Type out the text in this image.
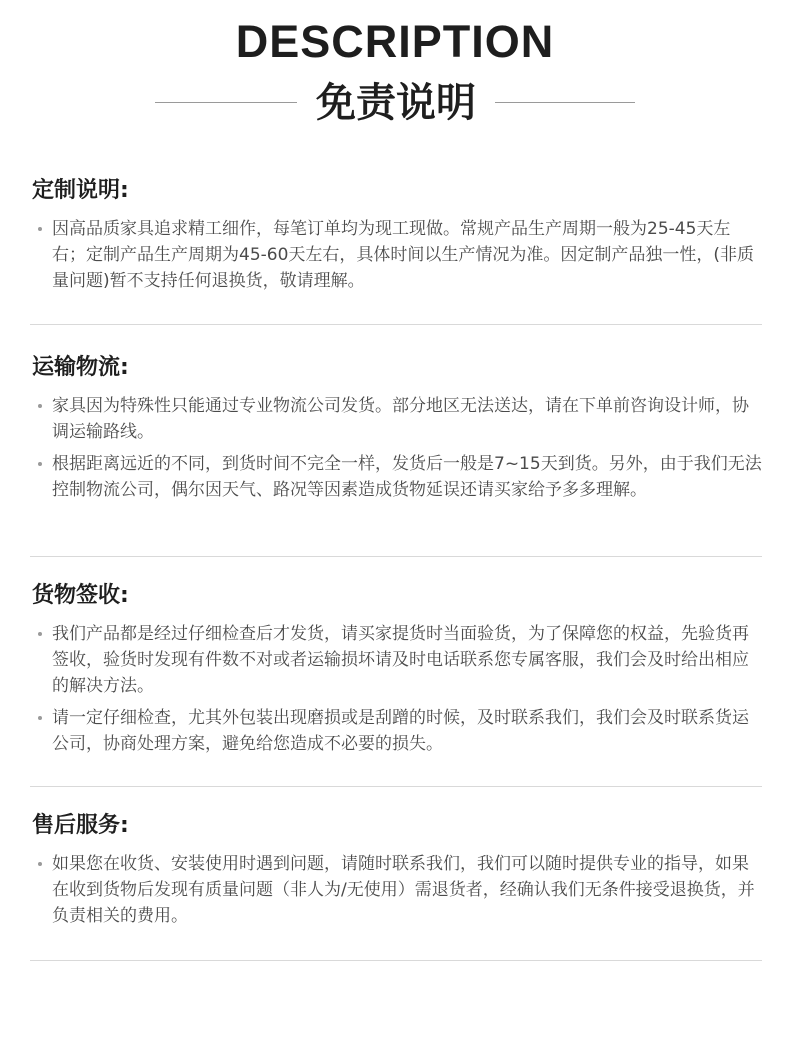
DESCRIPTION
免责说明
定制说明:
因高品质家具追求精工细作，每笔订单均为现工现做。常规产品生产周期一般为25-45天左右；定制产品生产周期为45-60天左右，具体时间以生产情况为准。因定制产品独一性，(非质量问题)暂不支持任何退换货，敬请理解。
运输物流:
家具因为特殊性只能通过专业物流公司发货。部分地区无法送达，请在下单前咨询设计师，协调运输路线。
根据距离远近的不同，到货时间不完全一样，发货后一般是7~15天到货。另外，由于我们无法控制物流公司，偶尔因天气、路况等因素造成货物延误还请买家给予多多理解。
货物签收:
我们产品都是经过仔细检查后才发货，请买家提货时当面验货，为了保障您的权益，先验货再签收，验货时发现有件数不对或者运输损坏请及时电话联系您专属客服，我们会及时给出相应的解决方法。
请一定仔细检查，尤其外包装出现磨损或是刮蹭的时候，及时联系我们，我们会及时联系货运公司，协商处理方案，避免给您造成不必要的损失。
售后服务:
如果您在收货、安装使用时遇到问题，请随时联系我们，我们可以随时提供专业的指导，如果在收到货物后发现有质量问题（非人为/无使用）需退货者，经确认我们无条件接受退换货，并负责相关的费用。
